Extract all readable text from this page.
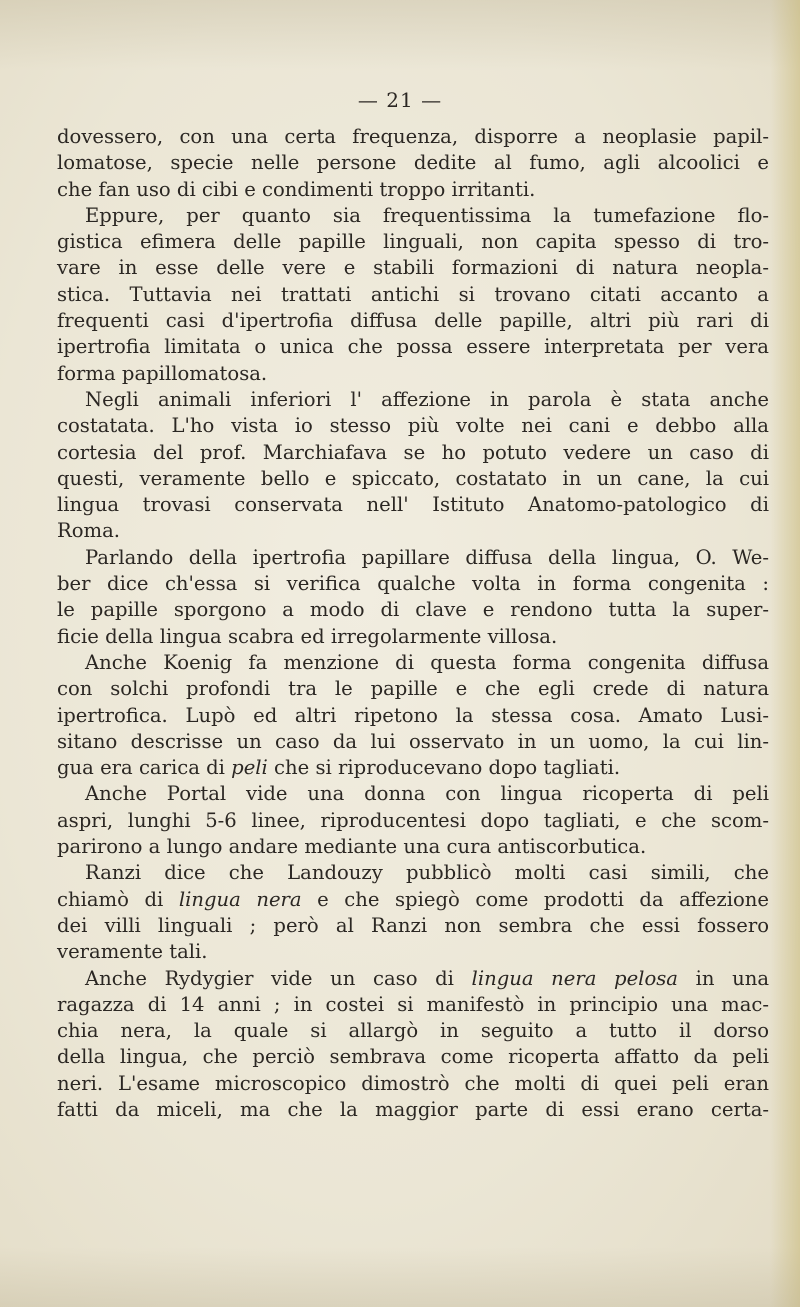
— 21 —
dovessero, con una certa frequenza, disporre a neoplasie papil-
lomatose, specie nelle persone dedite al fumo, agli alcoolici e
che fan uso di cibi e condimenti troppo irritanti.
Eppure, per quanto sia frequentissima la tumefazione flo-
gistica efimera delle papille linguali, non capita spesso di tro-
vare in esse delle vere e stabili formazioni di natura neopla-
stica. Tuttavia nei trattati antichi si trovano citati accanto a
frequenti casi d'ipertrofia diffusa delle papille, altri più rari di
ipertrofia limitata o unica che possa essere interpretata per vera
forma papillomatosa.
Negli animali inferiori l' affezione in parola è stata anche
costatata. L'ho vista io stesso più volte nei cani e debbo alla
cortesia del prof. Marchiafava se ho potuto vedere un caso di
questi, veramente bello e spiccato, costatato in un cane, la cui
lingua trovasi conservata nell' Istituto Anatomo-patologico di
Roma.
Parlando della ipertrofia papillare diffusa della lingua, O. We-
ber dice ch'essa si verifica qualche volta in forma congenita :
le papille sporgono a modo di clave e rendono tutta la super-
ficie della lingua scabra ed irregolarmente villosa.
Anche Koenig fa menzione di questa forma congenita diffusa
con solchi profondi tra le papille e che egli crede di natura
ipertrofica. Lupò ed altri ripetono la stessa cosa. Amato Lusi-
sitano descrisse un caso da lui osservato in un uomo, la cui lin-
gua era carica di peli che si riproducevano dopo tagliati.
Anche Portal vide una donna con lingua ricoperta di peli
aspri, lunghi 5-6 linee, riproducentesi dopo tagliati, e che scom-
parirono a lungo andare mediante una cura antiscorbutica.
Ranzi dice che Landouzy pubblicò molti casi simili, che
chiamò di lingua nera e che spiegò come prodotti da affezione
dei villi linguali ; però al Ranzi non sembra che essi fossero
veramente tali.
Anche Rydygier vide un caso di lingua nera pelosa in una
ragazza di 14 anni ; in costei si manifestò in principio una mac-
chia nera, la quale si allargò in seguito a tutto il dorso
della lingua, che perciò sembrava come ricoperta affatto da peli
neri. L'esame microscopico dimostrò che molti di quei peli eran
fatti da miceli, ma che la maggior parte di essi erano certa-
